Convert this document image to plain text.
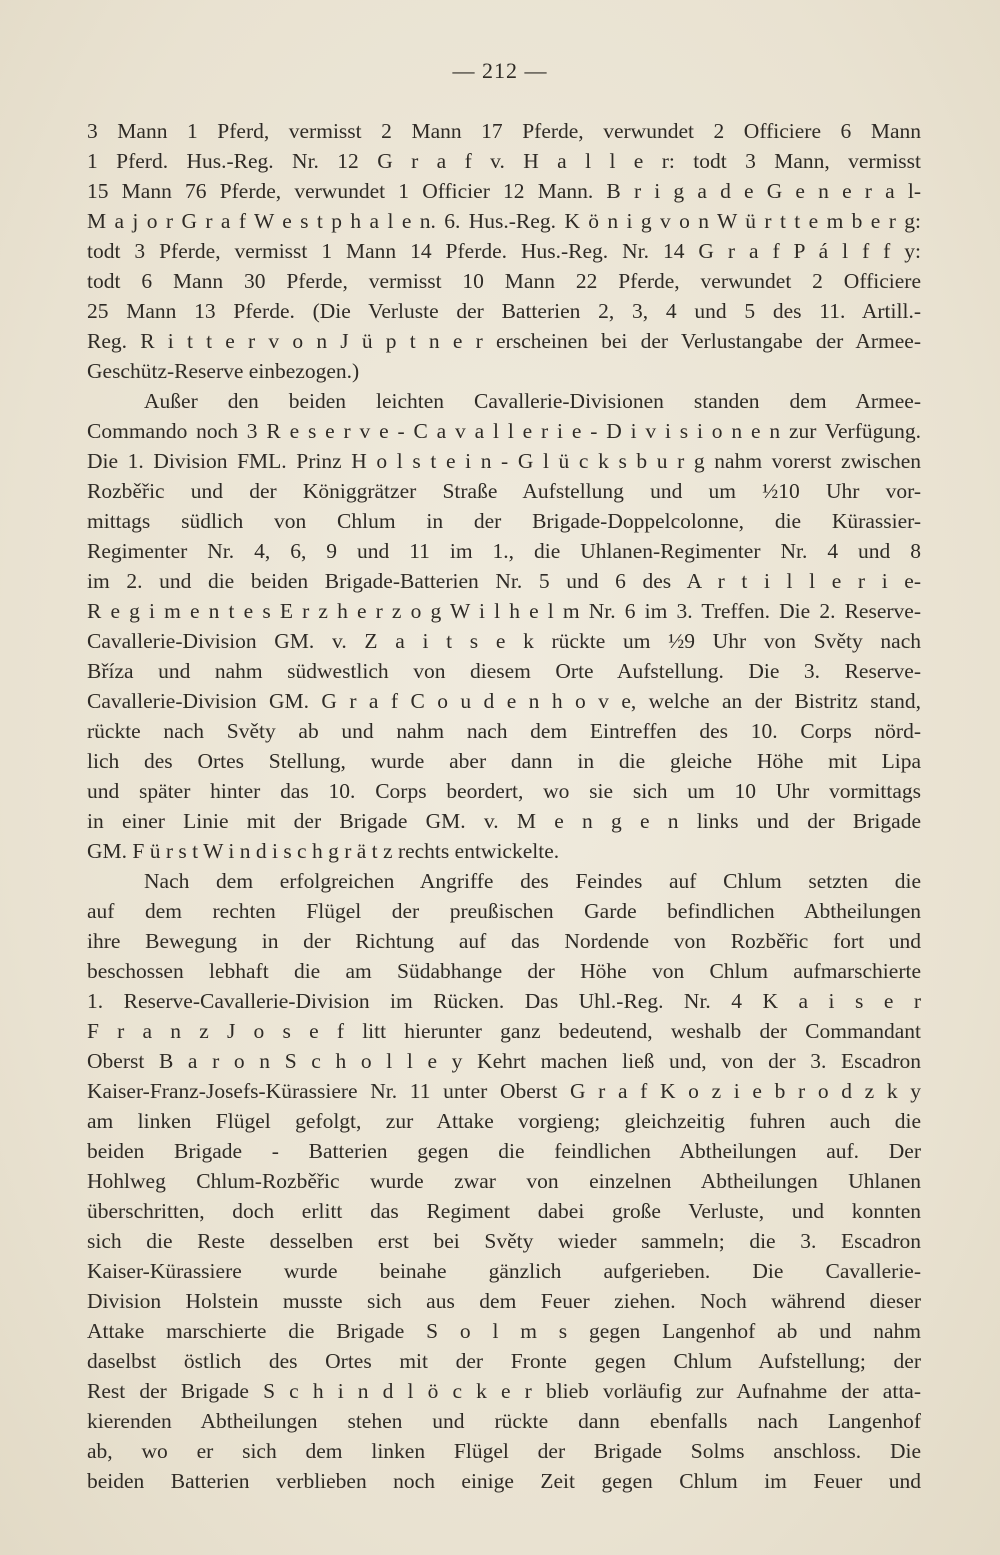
— 212 —
3 Mann 1 Pferd, vermisst 2 Mann 17 Pferde, verwundet 2 Officiere 6 Mann
1 Pferd. Hus.-Reg. Nr. 12 G r a f v. H a l l e r: todt 3 Mann, vermisst
15 Mann 76 Pferde, verwundet 1 Officier 12 Mann. B r i g a d e G e n e r a l-
M a j o r G r a f W e s t p h a l e n. 6. Hus.-Reg. K ö n i g v o n W ü r t t e m b e r g:
todt 3 Pferde, vermisst 1 Mann 14 Pferde. Hus.-Reg. Nr. 14 G r a f P á l f f y:
todt 6 Mann 30 Pferde, vermisst 10 Mann 22 Pferde, verwundet 2 Officiere
25 Mann 13 Pferde. (Die Verluste der Batterien 2, 3, 4 und 5 des 11. Artill.-
Reg. R i t t e r v o n J ü p t n e r erscheinen bei der Verlustangabe der Armee-
Geschütz-Reserve einbezogen.)
Außer den beiden leichten Cavallerie-Divisionen standen dem Armee-
Commando noch 3 R e s e r v e - C a v a l l e r i e - D i v i s i o n e n zur Verfügung.
Die 1. Division FML. Prinz H o l s t e i n - G l ü c k s b u r g nahm vorerst zwischen
Rozběřic und der Königgrätzer Straße Aufstellung und um ½10 Uhr vor-
mittags südlich von Chlum in der Brigade-Doppelcolonne, die Kürassier-
Regimenter Nr. 4, 6, 9 und 11 im 1., die Uhlanen-Regimenter Nr. 4 und 8
im 2. und die beiden Brigade-Batterien Nr. 5 und 6 des A r t i l l e r i e-
R e g i m e n t e s E r z h e r z o g W i l h e l m Nr. 6 im 3. Treffen. Die 2. Reserve-
Cavallerie-Division GM. v. Z a i t s e k rückte um ½9 Uhr von Světy nach
Bříza und nahm südwestlich von diesem Orte Aufstellung. Die 3. Reserve-
Cavallerie-Division GM. G r a f C o u d e n h o v e, welche an der Bistritz stand,
rückte nach Světy ab und nahm nach dem Eintreffen des 10. Corps nörd-
lich des Ortes Stellung, wurde aber dann in die gleiche Höhe mit Lipa
und später hinter das 10. Corps beordert, wo sie sich um 10 Uhr vormittags
in einer Linie mit der Brigade GM. v. M e n g e n links und der Brigade
GM. F ü r s t W i n d i s c h g r ä t z rechts entwickelte.
Nach dem erfolgreichen Angriffe des Feindes auf Chlum setzten die
auf dem rechten Flügel der preußischen Garde befindlichen Abtheilungen
ihre Bewegung in der Richtung auf das Nordende von Rozběřic fort und
beschossen lebhaft die am Südabhange der Höhe von Chlum aufmarschierte
1. Reserve-Cavallerie-Division im Rücken. Das Uhl.-Reg. Nr. 4 K a i s e r
F r a n z J o s e f litt hierunter ganz bedeutend, weshalb der Commandant
Oberst B a r o n S c h o l l e y Kehrt machen ließ und, von der 3. Escadron
Kaiser-Franz-Josefs-Kürassiere Nr. 11 unter Oberst G r a f K o z i e b r o d z k y
am linken Flügel gefolgt, zur Attake vorgieng; gleichzeitig fuhren auch die
beiden Brigade - Batterien gegen die feindlichen Abtheilungen auf. Der
Hohlweg Chlum-Rozběřic wurde zwar von einzelnen Abtheilungen Uhlanen
überschritten, doch erlitt das Regiment dabei große Verluste, und konnten
sich die Reste desselben erst bei Světy wieder sammeln; die 3. Escadron
Kaiser-Kürassiere wurde beinahe gänzlich aufgerieben. Die Cavallerie-
Division Holstein musste sich aus dem Feuer ziehen. Noch während dieser
Attake marschierte die Brigade S o l m s gegen Langenhof ab und nahm
daselbst östlich des Ortes mit der Fronte gegen Chlum Aufstellung; der
Rest der Brigade S c h i n d l ö c k e r blieb vorläufig zur Aufnahme der atta-
kierenden Abtheilungen stehen und rückte dann ebenfalls nach Langenhof
ab, wo er sich dem linken Flügel der Brigade Solms anschloss. Die
beiden Batterien verblieben noch einige Zeit gegen Chlum im Feuer und
